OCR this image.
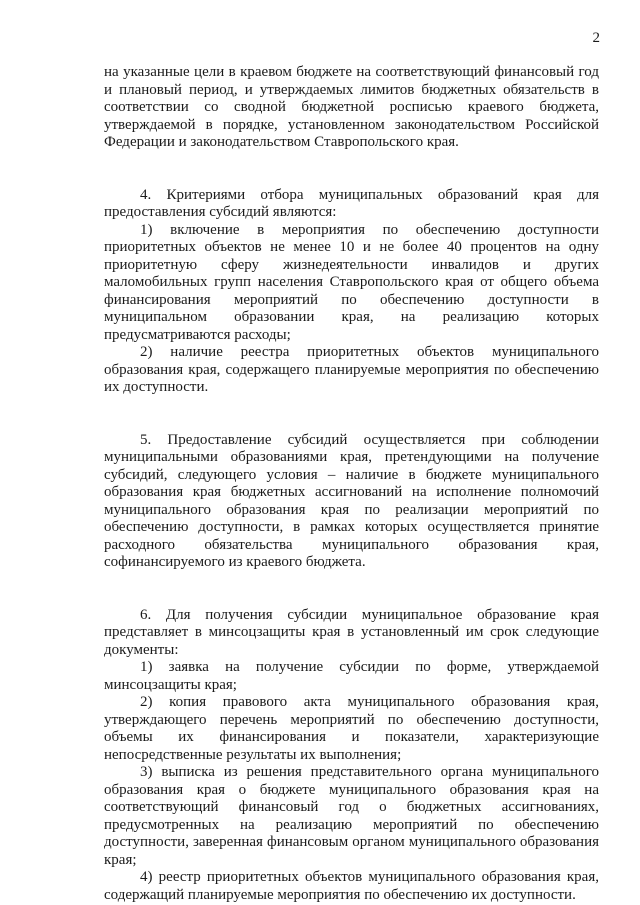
2

на указанные цели в краевом бюджете на соответствующий финансовый год и плановый период, и утверждаемых лимитов бюджетных обязательств в соответствии со сводной бюджетной росписью краевого бюджета, утверждаемой в порядке, установленном законодательством Российской Федерации и законодательством Ставропольского края.

4. Критериями отбора муниципальных образований края для предоставления субсидий являются:

1) включение в мероприятия по обеспечению доступности приоритетных объектов не менее 10 и не более 40 процентов на одну приоритетную сферу жизнедеятельности инвалидов и других маломобильных групп населения Ставропольского края от общего объема финансирования мероприятий по обеспечению доступности в муниципальном образовании края, на реализацию которых предусматриваются расходы;

2) наличие реестра приоритетных объектов муниципального образования края, содержащего планируемые мероприятия по обеспечению их доступности.

5. Предоставление субсидий осуществляется при соблюдении муниципальными образованиями края, претендующими на получение субсидий, следующего условия – наличие в бюджете муниципального образования края бюджетных ассигнований на исполнение полномочий муниципального образования края по реализации мероприятий по обеспечению доступности, в рамках которых осуществляется принятие расходного обязательства муниципального образования края, софинансируемого из краевого бюджета.

6. Для получения субсидии муниципальное образование края представляет в минсоцзащиты края в установленный им срок следующие документы:

1) заявка на получение субсидии по форме, утверждаемой минсоцзащиты края;

2) копия правового акта муниципального образования края, утверждающего перечень мероприятий по обеспечению доступности, объемы их финансирования и показатели, характеризующие непосредственные результаты их выполнения;

3) выписка из решения представительного органа муниципального образования края о бюджете муниципального образования края на соответствующий финансовый год о бюджетных ассигнованиях, предусмотренных на реализацию мероприятий по обеспечению доступности, заверенная финансовым органом муниципального образования края;

4) реестр приоритетных объектов муниципального образования края, содержащий планируемые мероприятия по обеспечению их доступности.
